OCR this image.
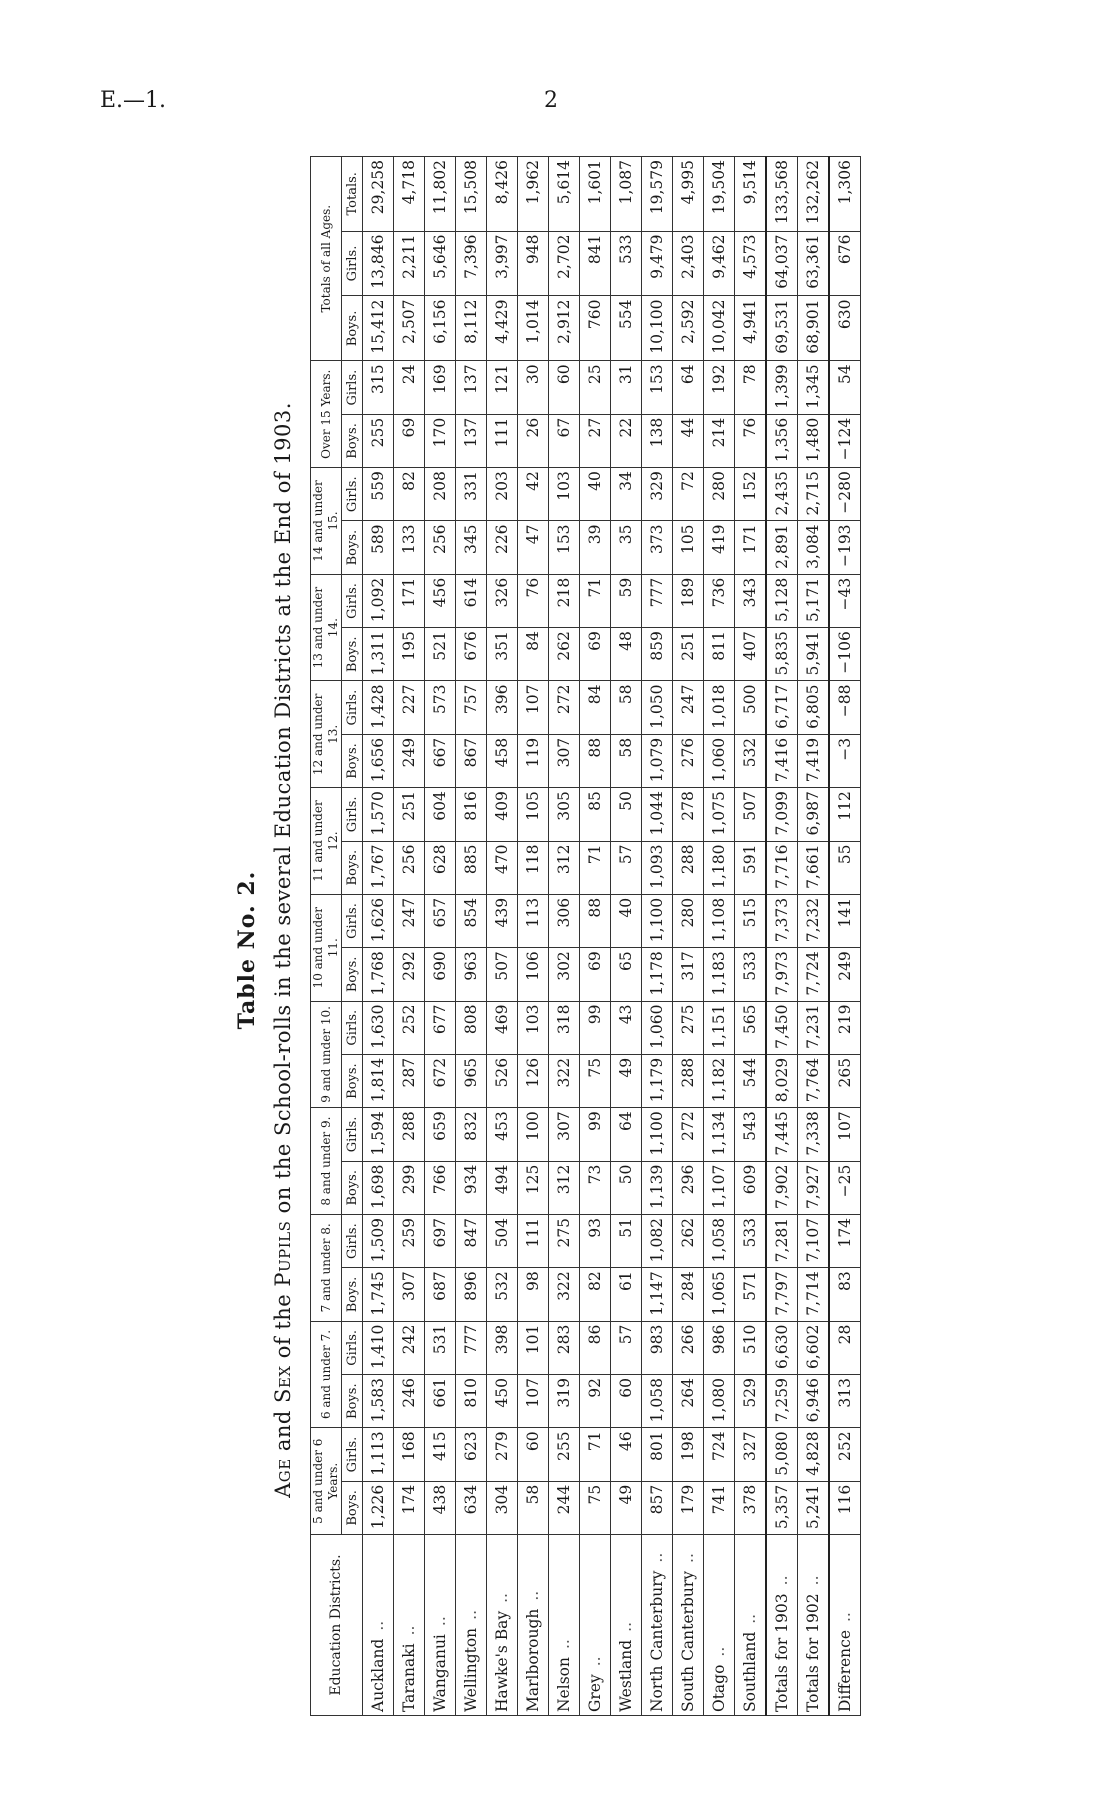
E.—1.	2
Table No. 2.
Age and Sex of the Pupils on the School-rolls in the several Education Districts at the End of 1903.
Education Districts.	5 and under 6 Years.		6 and under 7.		7 and under 8.		8 and under 9.		9 and under 10.		10 and under 11.		11 and under 12.		12 and under 13.		13 and under 14.		14 and under 15.		Over 15 Years.		Totals of all Ages.		
	Boys.	Girls.	Boys.	Girls.	Boys.	Girls.	Boys.	Girls.	Boys.	Girls.	Boys.	Girls.	Boys.	Girls.	Boys.	Girls.	Boys.	Girls.	Boys.	Girls.	Boys.	Girls.	Boys.	Girls.	Totals.
Auckland..	1,226	1,113	1,583	1,410	1,745	1,509	1,698	1,594	1,814	1,630	1,768	1,626	1,767	1,570	1,656	1,428	1,311	1,092	589	559	255	315	15,412	13,846	29,258
Taranaki..	174	168	246	242	307	259	299	288	287	252	292	247	256	251	249	227	195	171	133	82	69	24	2,507	2,211	4,718
Wanganui..	438	415	661	531	687	697	766	659	672	677	690	657	628	604	667	573	521	456	256	208	170	169	6,156	5,646	11,802
Wellington..	634	623	810	777	896	847	934	832	965	808	963	854	885	816	867	757	676	614	345	331	137	137	8,112	7,396	15,508
Hawke's Bay..	304	279	450	398	532	504	494	453	526	469	507	439	470	409	458	396	351	326	226	203	111	121	4,429	3,997	8,426
Marlborough..	58	60	107	101	98	111	125	100	126	103	106	113	118	105	119	107	84	76	47	42	26	30	1,014	948	1,962
Nelson..	244	255	319	283	322	275	312	307	322	318	302	306	312	305	307	272	262	218	153	103	67	60	2,912	2,702	5,614
Grey..	75	71	92	86	82	93	73	99	75	99	69	88	71	85	88	84	69	71	39	40	27	25	760	841	1,601
Westland..	49	46	60	57	61	51	50	64	49	43	65	40	57	50	58	58	48	59	35	34	22	31	554	533	1,087
North Canterbury..	857	801	1,058	983	1,147	1,082	1,139	1,100	1,179	1,060	1,178	1,100	1,093	1,044	1,079	1,050	859	777	373	329	138	153	10,100	9,479	19,579
South Canterbury..	179	198	264	266	284	262	296	272	288	275	317	280	288	278	276	247	251	189	105	72	44	64	2,592	2,403	4,995
Otago..	741	724	1,080	986	1,065	1,058	1,107	1,134	1,182	1,151	1,183	1,108	1,180	1,075	1,060	1,018	811	736	419	280	214	192	10,042	9,462	19,504
Southland..	378	327	529	510	571	533	609	543	544	565	533	515	591	507	532	500	407	343	171	152	76	78	4,941	4,573	9,514
Totals for 1903..	5,357	5,080	7,259	6,630	7,797	7,281	7,902	7,445	8,029	7,450	7,973	7,373	7,716	7,099	7,416	6,717	5,835	5,128	2,891	2,435	1,356	1,399	69,531	64,037	133,568
Totals for 1902..	5,241	4,828	6,946	6,602	7,714	7,107	7,927	7,338	7,764	7,231	7,724	7,232	7,661	6,987	7,419	6,805	5,941	5,171	3,084	2,715	1,480	1,345	68,901	63,361	132,262
Difference..	116	252	313	28	83	174	−25	107	265	219	249	141	55	112	−3	−88	−106	−43	−193	−280	−124	54	630	676	1,306
